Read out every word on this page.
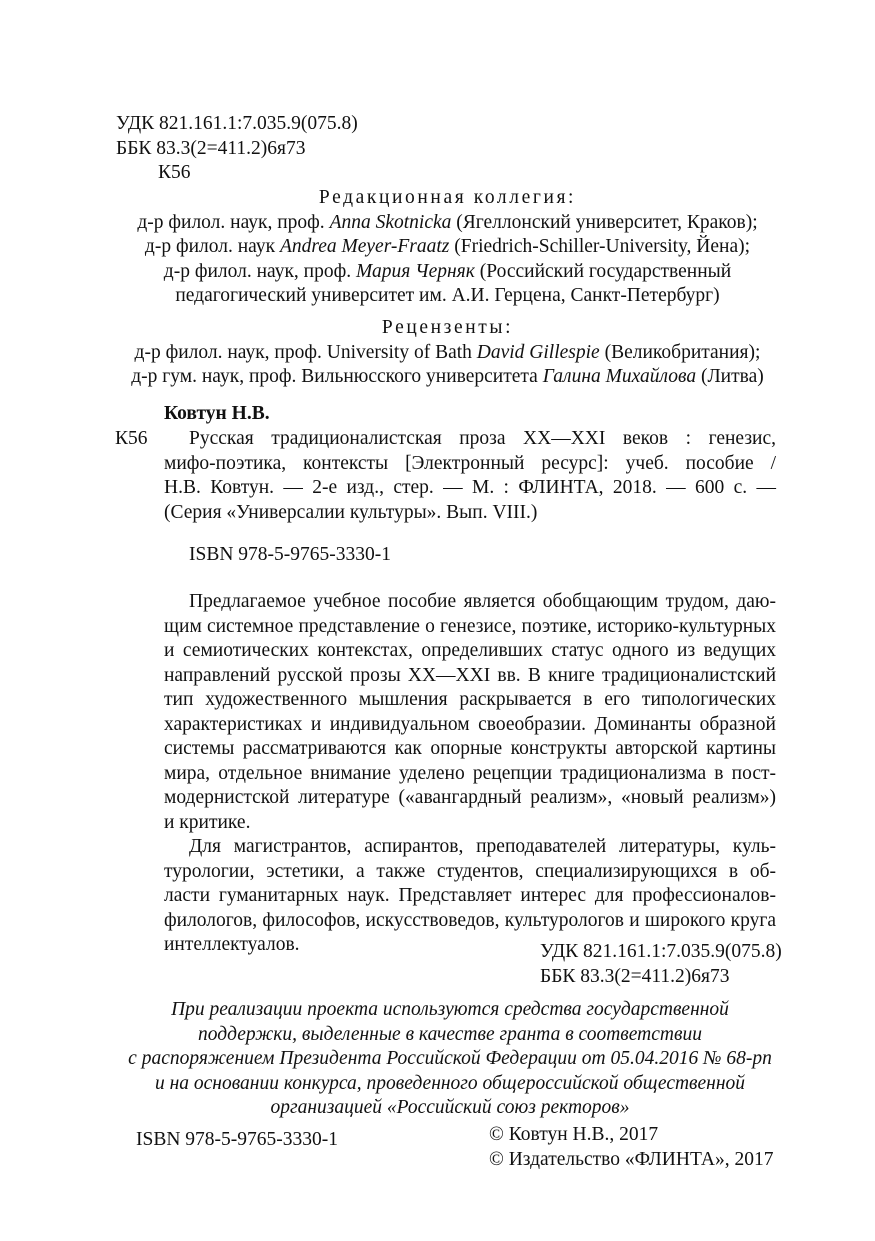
УДК 821.161.1:7.035.9(075.8)
ББК 83.3(2=411.2)6я73
К56
Редакционная коллегия:
д-р филол. наук, проф. Anna Skotnicka (Ягеллонский университет, Краков);
д-р филол. наук Andrea Meyer-Fraatz (Friedrich-Schiller-University, Йена);
д-р филол. наук, проф. Мария Черняк (Российский государственный
педагогический университет им. А.И. Герцена, Санкт-Петербург)
Рецензенты:
д-р филол. наук, проф. University of Bath David Gillespie (Великобритания);
д-р гум. наук, проф. Вильнюсского университета Галина Михайлова (Литва)
Ковтун Н.В.
К56	Русская традиционалистская проза XX—XXI веков : генезис,
мифо-поэтика, контексты [Электронный ресурс]: учеб. пособие /
Н.В. Ковтун. — 2-е изд., стер. — М. : ФЛИНТА, 2018. — 600 с. —
(Серия «Универсалии культуры». Вып. VIII.)
ISBN 978-5-9765-3330-1
Предлагаемое учебное пособие является обобщающим трудом, даю-
щим системное представление о генезисе, поэтике, историко-культурных
и семиотических контекстах, определивших статус одного из ведущих
направлений русской прозы XX—XXI вв. В книге традиционалистский
тип художественного мышления раскрывается в его типологических
характеристиках и индивидуальном своеобразии. Доминанты образной
системы рассматриваются как опорные конструкты авторской картины
мира, отдельное внимание уделено рецепции традиционализма в пост-
модернистской литературе («авангардный реализм», «новый реализм»)
и критике.
Для магистрантов, аспирантов, преподавателей литературы, куль-
турологии, эстетики, а также студентов, специализирующихся в об-
ласти гуманитарных наук. Представляет интерес для профессионалов-
филологов, философов, искусствоведов, культурологов и широкого круга
интеллектуалов.	УДК 821.161.1:7.035.9(075.8)
ББК 83.3(2=411.2)6я73
При реализации проекта используются средства государственной
поддержки, выделенные в качестве гранта в соответствии
с распоряжением Президента Российской Федерации от 05.04.2016 № 68-рп
и на основании конкурса, проведенного общероссийской общественной
организацией «Российский союз ректоров»
ISBN 978-5-9765-3330-1	© Ковтун Н.В., 2017
© Издательство «ФЛИНТА», 2017
